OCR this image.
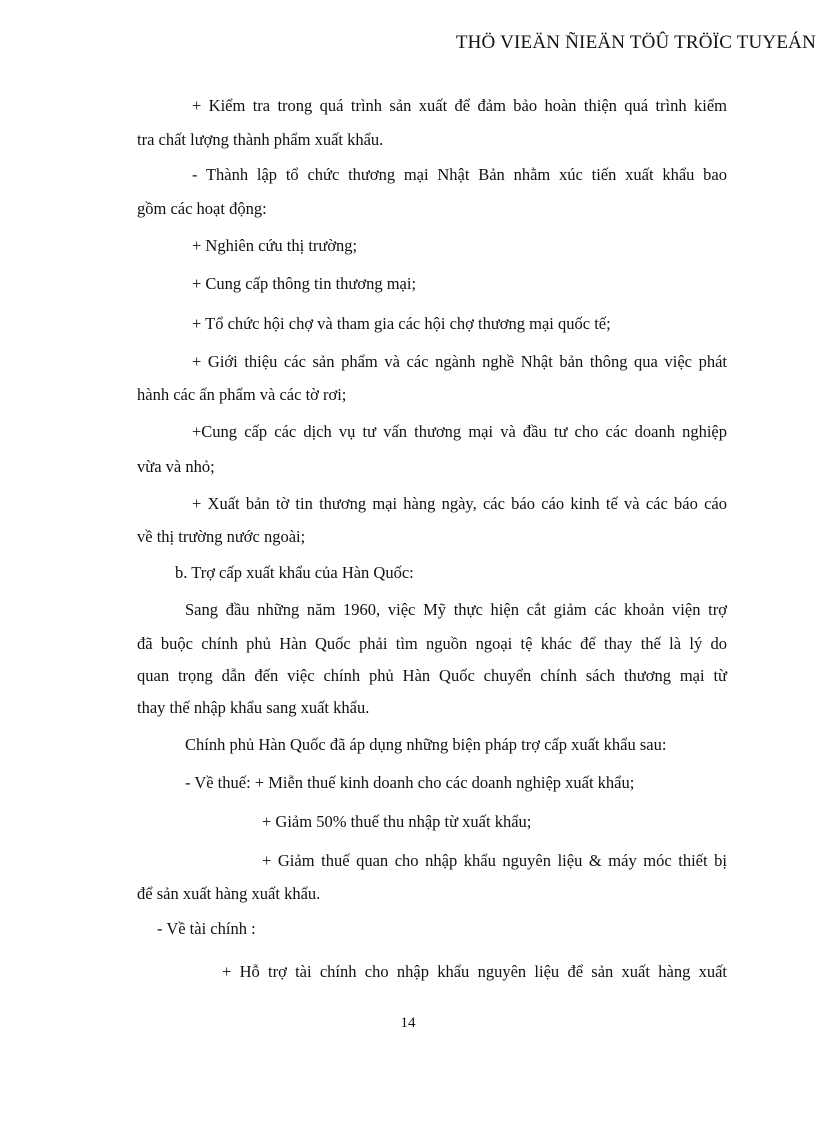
THÖ VIEÄN ÑIEÄN TÖÛ TRÖÏC TUYEÁN
+ Kiểm tra trong quá trình sản xuất để đảm bảo hoàn thiện quá trình kiểm
tra chất lượng thành phẩm xuất khẩu.
- Thành lập tổ chức thương mại Nhật Bản nhằm xúc tiến xuất khẩu bao
gồm các hoạt động:
+ Nghiên cứu thị trường;
+ Cung cấp thông tin thương mại;
+ Tổ chức hội chợ và tham gia các hội chợ thương mại quốc tế;
+ Giới thiệu các sản phẩm và các ngành nghề Nhật bản thông qua việc phát
hành các ấn phẩm và các tờ rơi;
+Cung cấp các dịch vụ tư vấn thương mại và đầu tư cho các doanh nghiệp
vừa và nhỏ;
+ Xuất bản tờ tin thương mại hàng ngày, các báo cáo kinh tế và các báo cáo
về thị trường nước ngoài;
b. Trợ cấp xuất khẩu của Hàn Quốc:
Sang đầu những năm 1960, việc Mỹ thực hiện cắt giảm các khoản viện trợ
đã buộc chính phủ Hàn Quốc phải tìm nguồn ngoại tệ khác để thay thế là lý do
quan trọng dẫn đến việc chính phủ Hàn Quốc chuyển chính sách thương mại từ
thay thế nhập khẩu sang xuất khẩu.
Chính phủ Hàn Quốc đã áp dụng những biện pháp trợ cấp xuất khẩu sau:
- Về thuế: + Miễn thuế kinh doanh cho các doanh nghiệp xuất khẩu;
+ Giảm 50% thuế thu nhập từ xuất khẩu;
+ Giảm thuế quan cho nhập khẩu nguyên liệu & máy móc thiết bị
để sản xuất hàng xuất khẩu.
- Về tài chính :
+ Hỗ trợ tài chính cho nhập khẩu nguyên liệu để sản xuất hàng xuất
14
